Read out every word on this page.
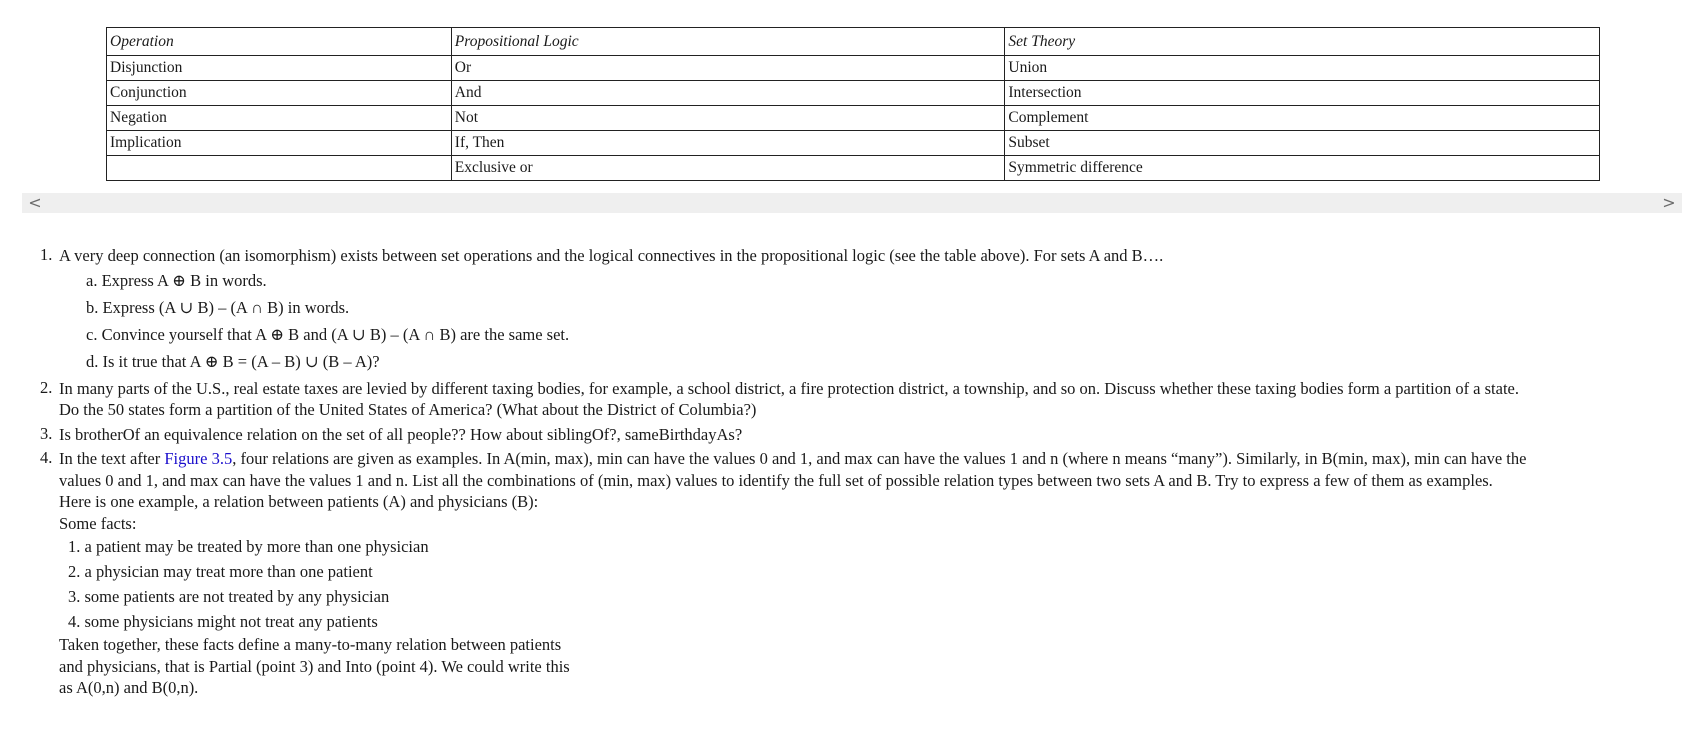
Operation	Propositional Logic	Set Theory
Disjunction	Or	Union
Conjunction	And	Intersection
Negation	Not	Complement
Implication	If, Then	Subset
	Exclusive or	Symmetric difference
<	>
1. A very deep connection (an isomorphism) exists between set operations and the logical connectives in the propositional logic (see the table above). For sets A and B….
a. Express A ⊕ B in words.
b. Express (A ∪ B) – (A ∩ B) in words.
c. Convince yourself that A ⊕ B and (A ∪ B) – (A ∩ B) are the same set.
d. Is it true that A ⊕ B = (A – B) ∪ (B – A)?
2. In many parts of the U.S., real estate taxes are levied by different taxing bodies, for example, a school district, a fire protection district, a township, and so on. Discuss whether these taxing bodies form a partition of a state.
Do the 50 states form a partition of the United States of America? (What about the District of Columbia?)
3. Is brotherOf an equivalence relation on the set of all people?? How about siblingOf?, sameBirthdayAs?
4. In the text after Figure 3.5, four relations are given as examples. In A(min, max), min can have the values 0 and 1, and max can have the values 1 and n (where n means “many”). Similarly, in B(min, max), min can have the
values 0 and 1, and max can have the values 1 and n. List all the combinations of (min, max) values to identify the full set of possible relation types between two sets A and B. Try to express a few of them as examples.
Here is one example, a relation between patients (A) and physicians (B):
Some facts:
1. a patient may be treated by more than one physician
2. a physician may treat more than one patient
3. some patients are not treated by any physician
4. some physicians might not treat any patients
Taken together, these facts define a many-to-many relation between patients
and physicians, that is Partial (point 3) and Into (point 4). We could write this
as A(0,n) and B(0,n).
